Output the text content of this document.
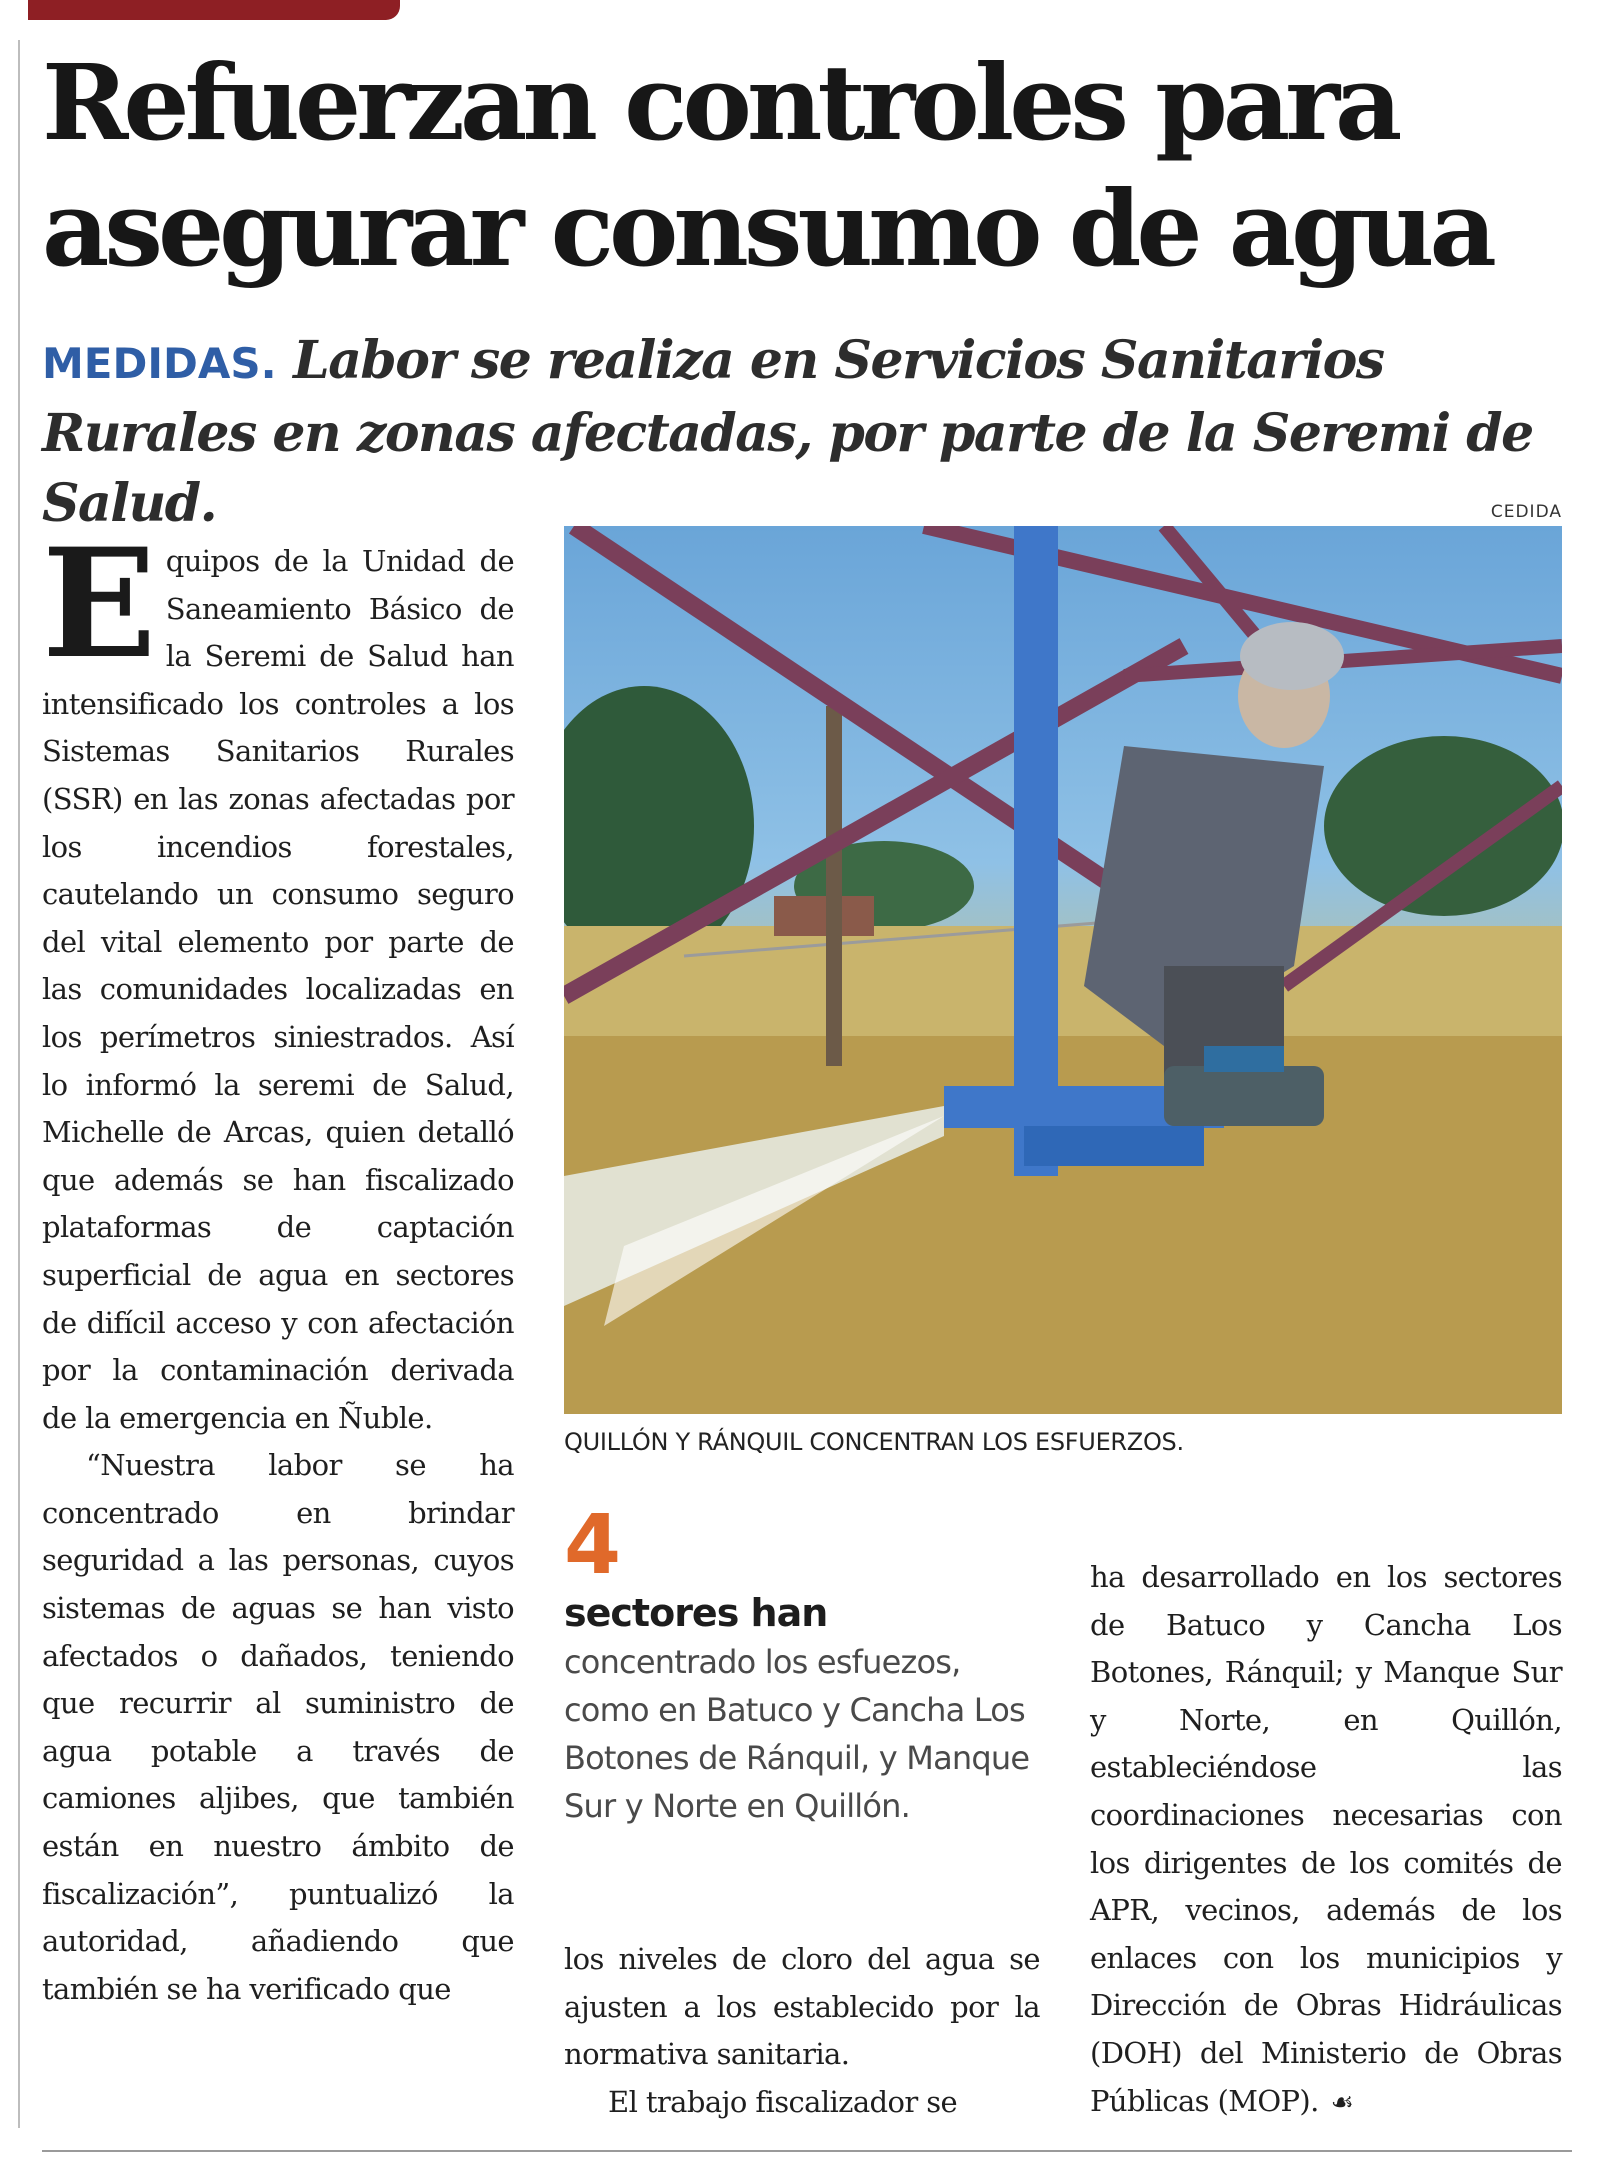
Refuerzan controles para asegurar consumo de agua
MEDIDAS. Labor se realiza en Servicios Sanitarios Rurales en zonas afectadas, por parte de la Seremi de Salud.	CEDIDA
QUILLÓN Y RÁNQUIL CONCENTRAN LOS ESFUERZOS.

Equipos de la Unidad de Saneamiento Básico de la Seremi de Salud han intensificado los controles a los Sistemas Sanitarios Rurales (SSR) en las zonas afectadas por los incendios forestales, cautelando un consumo seguro del vital elemento por parte de las comunidades localizadas en los perímetros siniestrados. Así lo informó la seremi de Salud, Michelle de Arcas, quien detalló que además se han fiscalizado plataformas de captación superficial de agua en sectores de difícil acceso y con afectación por la contaminación derivada de la emergencia en Ñuble.

“Nuestra labor se ha concentrado en brindar seguridad a las personas, cuyos sistemas de aguas se han visto afectados o dañados, teniendo que recurrir al suministro de agua potable a través de camiones aljibes, que también están en nuestro ámbito de fiscalización”, puntualizó la autoridad, añadiendo que también se ha verificado que

4
sectores han
concentrado los esfuezos, como en Batuco y Cancha Los Botones de Ránquil, y Manque Sur y Norte en Quillón.

los niveles de cloro del agua se ajusten a los establecido por la normativa sanitaria.

El trabajo fiscalizador se

ha desarrollado en los sectores de Batuco y Cancha Los Botones, Ránquil; y Manque Sur y Norte, en Quillón, estableciéndose las coordinaciones necesarias con los dirigentes de los comités de APR, vecinos, además de los enlaces con los municipios y Dirección de Obras Hidráulicas (DOH) del Ministerio de Obras Públicas (MOP). ☙
